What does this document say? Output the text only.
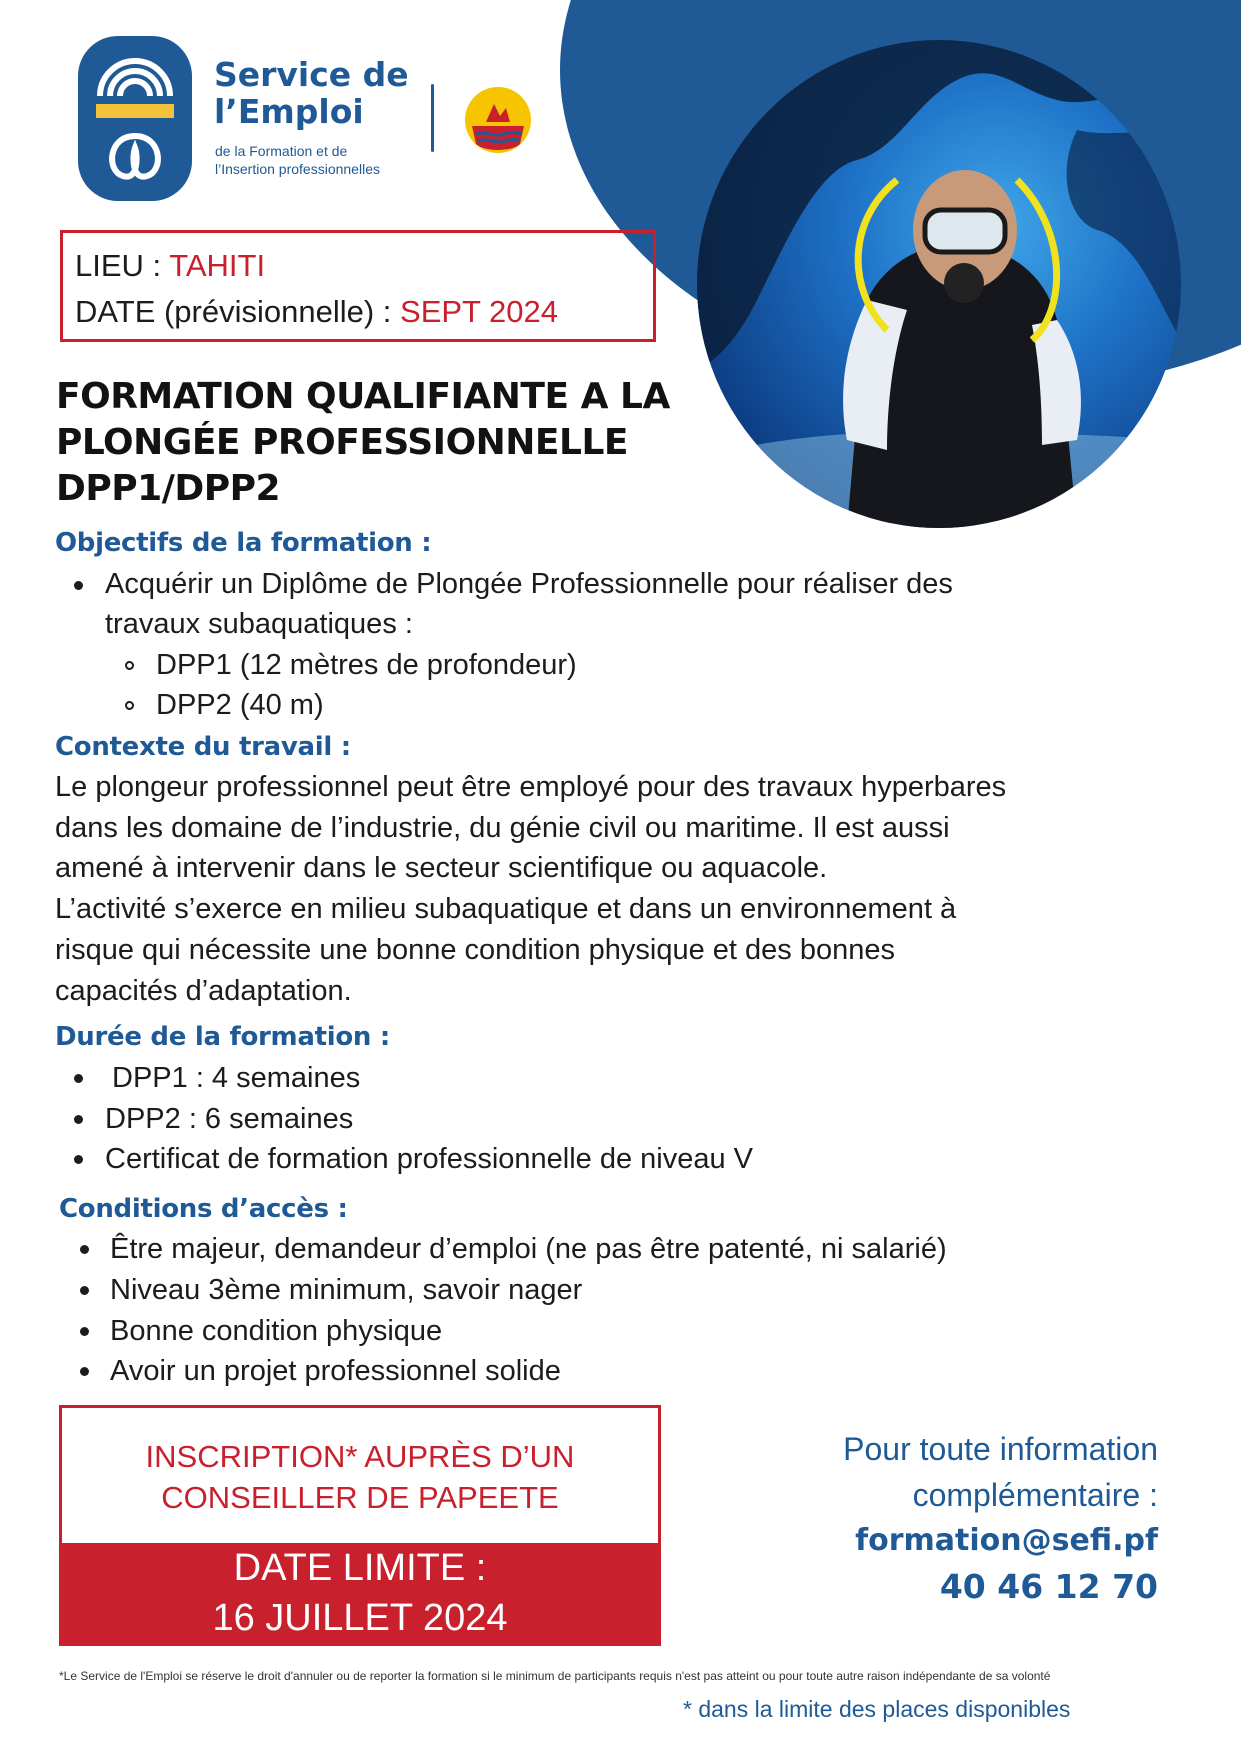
Service de
l’Emploi
de la Formation et de
l’Insertion professionnelles
LIEU : TAHITI
DATE (prévisionnelle) : SEPT 2024
FORMATION QUALIFIANTE A LA
PLONGÉE PROFESSIONNELLE
DPP1/DPP2
Objectifs de la formation :
Acquérir un Diplôme de Plongée Professionnelle pour réaliser des
travaux subaquatiques :
DPP1 (12 mètres de profondeur)
DPP2 (40 m)
Contexte du travail :
Le plongeur professionnel peut être employé pour des travaux hyperbares
dans les domaine de l’industrie, du génie civil ou maritime. Il est aussi
amené à intervenir dans le secteur scientifique ou aquacole.
L’activité s’exerce en milieu subaquatique et dans un environnement à
risque qui nécessite une bonne condition physique et des bonnes
capacités d’adaptation.
Durée de la formation :
DPP1 : 4 semaines
DPP2 : 6 semaines
Certificat de formation professionnelle de niveau V
Conditions d’accès :
Être majeur, demandeur d’emploi (ne pas être patenté, ni salarié)
Niveau 3ème minimum, savoir nager
Bonne condition physique
Avoir un projet professionnel solide
INSCRIPTION* AUPRÈS D’UN
CONSEILLER DE PAPEETE
DATE LIMITE :
16 JUILLET 2024
Pour toute information
complémentaire :
formation@sefi.pf
40 46 12 70
*Le Service de l'Emploi se réserve le droit d'annuler ou de reporter la formation si le minimum de participants requis n'est pas atteint ou pour toute autre raison indépendante de sa volonté
* dans la limite des places disponibles
